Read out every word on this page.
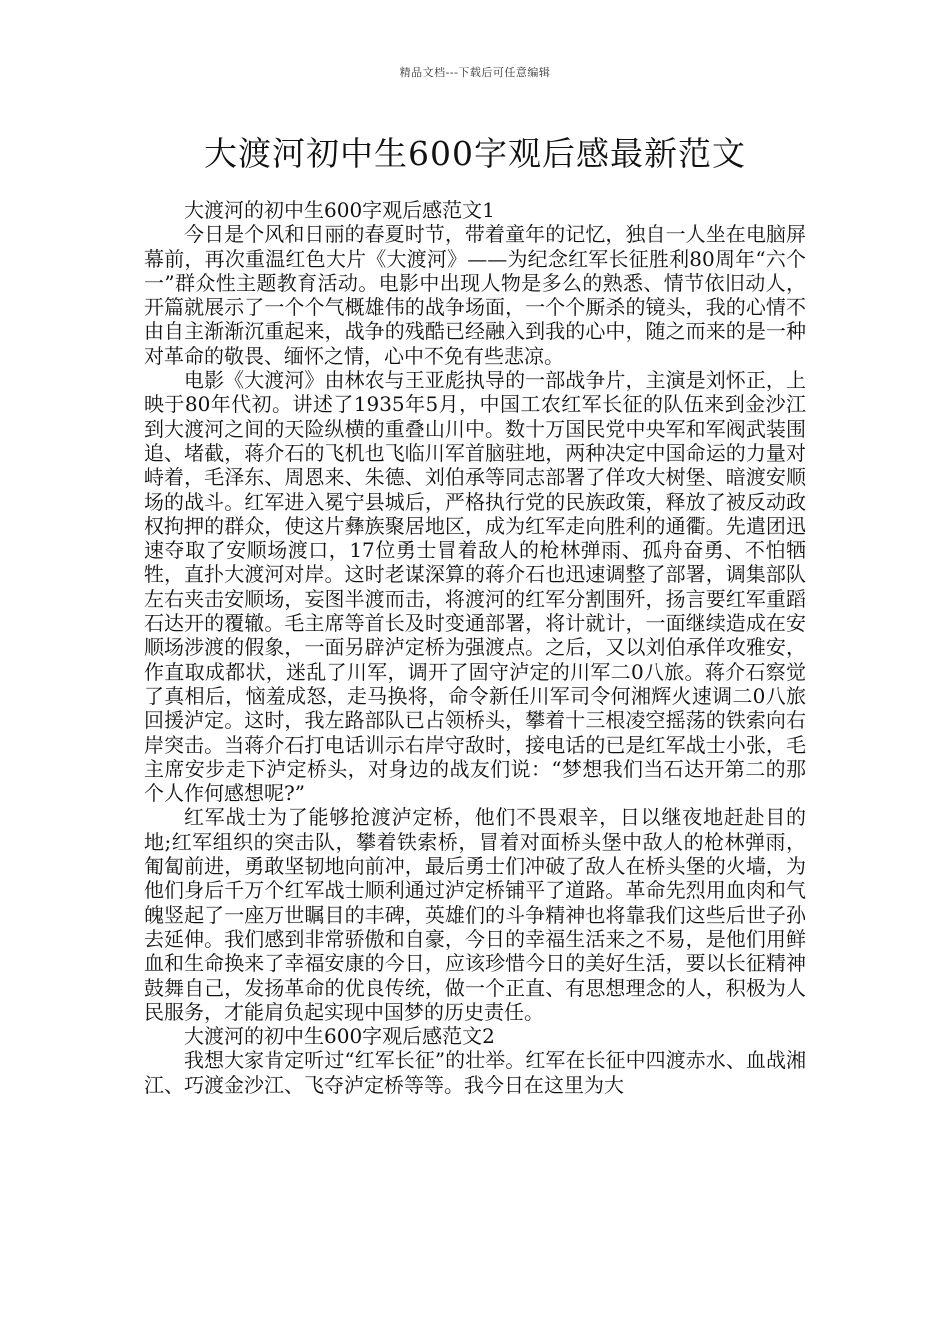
精品文档---下载后可任意编辑
大渡河初中生600字观后感最新范文

大渡河的初中生600字观后感范文1

今日是个风和日丽的春夏时节，带着童年的记忆，独自一人坐在电脑屏幕前，再次重温红色大片《大渡河》——为纪念红军长征胜利80周年“六个一”群众性主题教育活动。电影中出现人物是多么的熟悉、情节依旧动人，开篇就展示了一个个气概雄伟的战争场面，一个个厮杀的镜头，我的心情不由自主渐渐沉重起来，战争的残酷已经融入到我的心中，随之而来的是一种对革命的敬畏、缅怀之情，心中不免有些悲凉。

电影《大渡河》由林农与王亚彪执导的一部战争片，主演是刘怀正，上映于80年代初。讲述了1935年5月，中国工农红军长征的队伍来到金沙江到大渡河之间的天险纵横的重叠山川中。数十万国民党中央军和军阀武装围追、堵截，蒋介石的飞机也飞临川军首脑驻地，两种决定中国命运的力量对峙着，毛泽东、周恩来、朱德、刘伯承等同志部署了佯攻大树堡、暗渡安顺场的战斗。红军进入冕宁县城后，严格执行党的民族政策，释放了被反动政权拘押的群众，使这片彝族聚居地区，成为红军走向胜利的通衢。先遣团迅速夺取了安顺场渡口，17位勇士冒着敌人的枪林弹雨、孤舟奋勇、不怕牺牲，直扑大渡河对岸。这时老谋深算的蒋介石也迅速调整了部署，调集部队左右夹击安顺场，妄图半渡而击，将渡河的红军分割围歼，扬言要红军重蹈石达开的覆辙。毛主席等首长及时变通部署，将计就计，一面继续造成在安顺场涉渡的假象，一面另辟泸定桥为强渡点。之后，又以刘伯承佯攻雅安，作直取成都状，迷乱了川军，调开了固守泸定的川军二0八旅。蒋介石察觉了真相后，恼羞成怒，走马换将，命令新任川军司令何湘辉火速调二0八旅回援泸定。这时，我左路部队已占领桥头，攀着十三根凌空摇荡的铁索向右岸突击。当蒋介石打电话训示右岸守敌时，接电话的已是红军战士小张，毛主席安步走下泸定桥头，对身边的战友们说：“梦想我们当石达开第二的那个人作何感想呢?”

红军战士为了能够抢渡泸定桥，他们不畏艰辛，日以继夜地赶赴目的地;红军组织的突击队，攀着铁索桥，冒着对面桥头堡中敌人的枪林弹雨，匍匐前进，勇敢坚韧地向前冲，最后勇士们冲破了敌人在桥头堡的火墙，为他们身后千万个红军战士顺利通过泸定桥铺平了道路。革命先烈用血肉和气魄竖起了一座万世瞩目的丰碑，英雄们的斗争精神也将靠我们这些后世子孙去延伸。我们感到非常骄傲和自豪，今日的幸福生活来之不易，是他们用鲜血和生命换来了幸福安康的今日，应该珍惜今日的美好生活，要以长征精神鼓舞自己，发扬革命的优良传统，做一个正直、有思想理念的人，积极为人民服务，才能肩负起实现中国梦的历史责任。

大渡河的初中生600字观后感范文2

我想大家肯定听过“红军长征”的壮举。红军在长征中四渡赤水、血战湘江、巧渡金沙江、飞夺泸定桥等等。我今日在这里为大
